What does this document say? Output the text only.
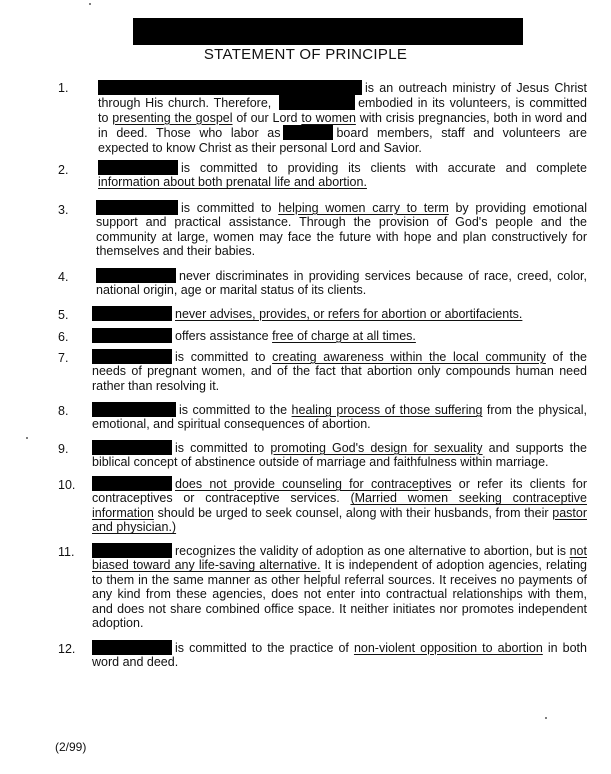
STATEMENT OF PRINCIPLE
1.	is an outreach ministry of Jesus Christ through His church. Therefore,	embodied in its volunteers, is committed to presenting the gospel of our Lord to women with crisis pregnancies, both in word and in deed. Those who labor as	board members, staff and volunteers are expected to know Christ as their personal Lord and Savior.
2.	is committed to providing its clients with accurate and complete information about both prenatal life and abortion.
3.	is committed to helping women carry to term by providing emotional support and practical assistance. Through the provision of God's people and the community at large, women may face the future with hope and plan constructively for themselves and their babies.
4.	never discriminates in providing services because of race, creed, color, national origin, age or marital status of its clients.
5.	never advises, provides, or refers for abortion or abortifacients.
6.	offers assistance free of charge at all times.
7.	is committed to creating awareness within the local community of the needs of pregnant women, and of the fact that abortion only compounds human need rather than resolving it.
8.	is committed to the healing process of those suffering from the physical, emotional, and spiritual consequences of abortion.
9.	is committed to promoting God's design for sexuality and supports the biblical concept of abstinence outside of marriage and faithfulness within marriage.
10.	does not provide counseling for contraceptives or refer its clients for contraceptives or contraceptive services. (Married women seeking contraceptive information should be urged to seek counsel, along with their husbands, from their pastor and physician.)
11.	recognizes the validity of adoption as one alternative to abortion, but is not biased toward any life-saving alternative. It is independent of adoption agencies, relating to them in the same manner as other helpful referral sources. It receives no payments of any kind from these agencies, does not enter into contractual relationships with them, and does not share combined office space. It neither initiates nor promotes independent adoption.
12.	is committed to the practice of non-violent opposition to abortion in both word and deed.
(2/99)
